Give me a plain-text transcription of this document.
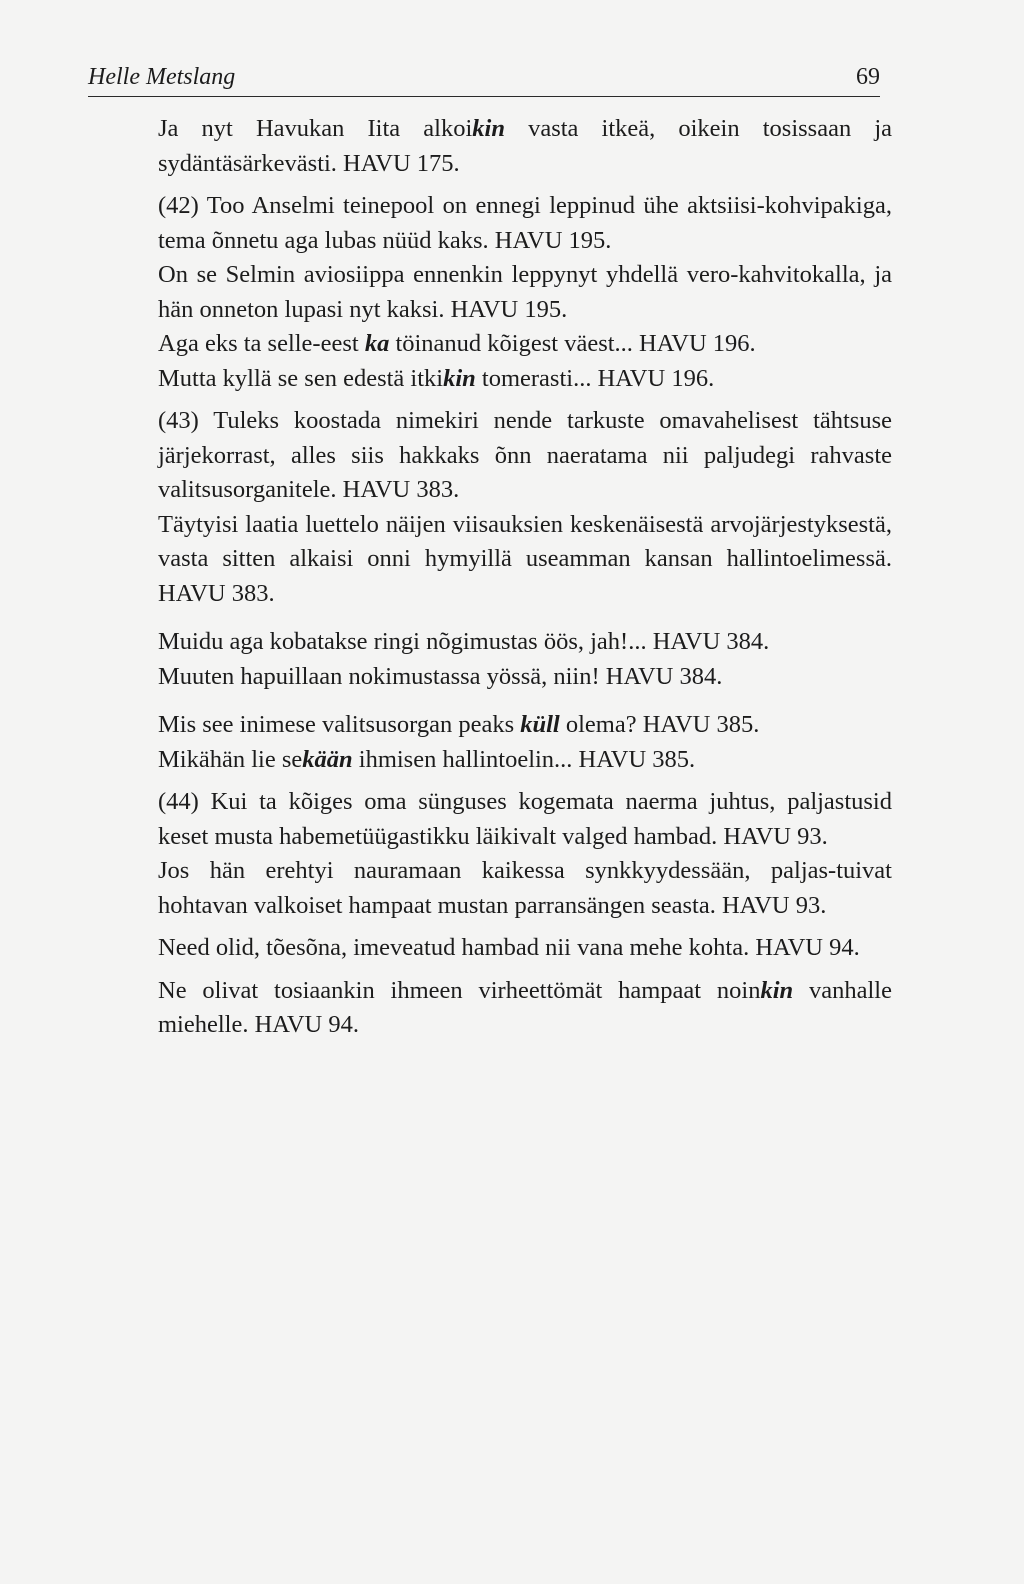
Helle Metslang	69

Ja nyt Havukan Iita alkoikin vasta itkeä, oikein tosissaan ja sydäntäsärkevästi. HAVU 175.

(42) Too Anselmi teinepool on ennegi leppinud ühe aktsiisi-kohvipakiga, tema õnnetu aga lubas nüüd kaks. HAVU 195.

On se Selmin aviosiippa ennenkin leppynyt yhdellä vero-kahvitokalla, ja hän onneton lupasi nyt kaksi. HAVU 195.

Aga eks ta selle-eest ka töinanud kõigest väest... HAVU 196.

Mutta kyllä se sen edestä itkikin tomerasti... HAVU 196.

(43) Tuleks koostada nimekiri nende tarkuste omavahelisest tähtsuse järjekorrast, alles siis hakkaks õnn naeratama nii paljudegi rahvaste valitsusorganitele. HAVU 383.

Täytyisi laatia luettelo näijen viisauksien keskenäisestä arvojärjestyksestä, vasta sitten alkaisi onni hymyillä useamman kansan hallintoelimessä. HAVU 383.

Muidu aga kobatakse ringi nõgimustas öös, jah!... HAVU 384.

Muuten hapuillaan nokimustassa yössä, niin! HAVU 384.

Mis see inimese valitsusorgan peaks küll olema? HAVU 385.

Mikähän lie sekään ihmisen hallintoelin... HAVU 385.

(44) Kui ta kõiges oma sünguses kogemata naerma juhtus, paljastusid keset musta habemetüügastikku läikivalt valged hambad. HAVU 93.

Jos hän erehtyi nauramaan kaikessa synkkyydessään, paljas-tuivat hohtavan valkoiset hampaat mustan parransängen seasta. HAVU 93.

Need olid, tõesõna, imeveatud hambad nii vana mehe kohta. HAVU 94.

Ne olivat tosiaankin ihmeen virheettömät hampaat noinkin vanhalle miehelle. HAVU 94.
